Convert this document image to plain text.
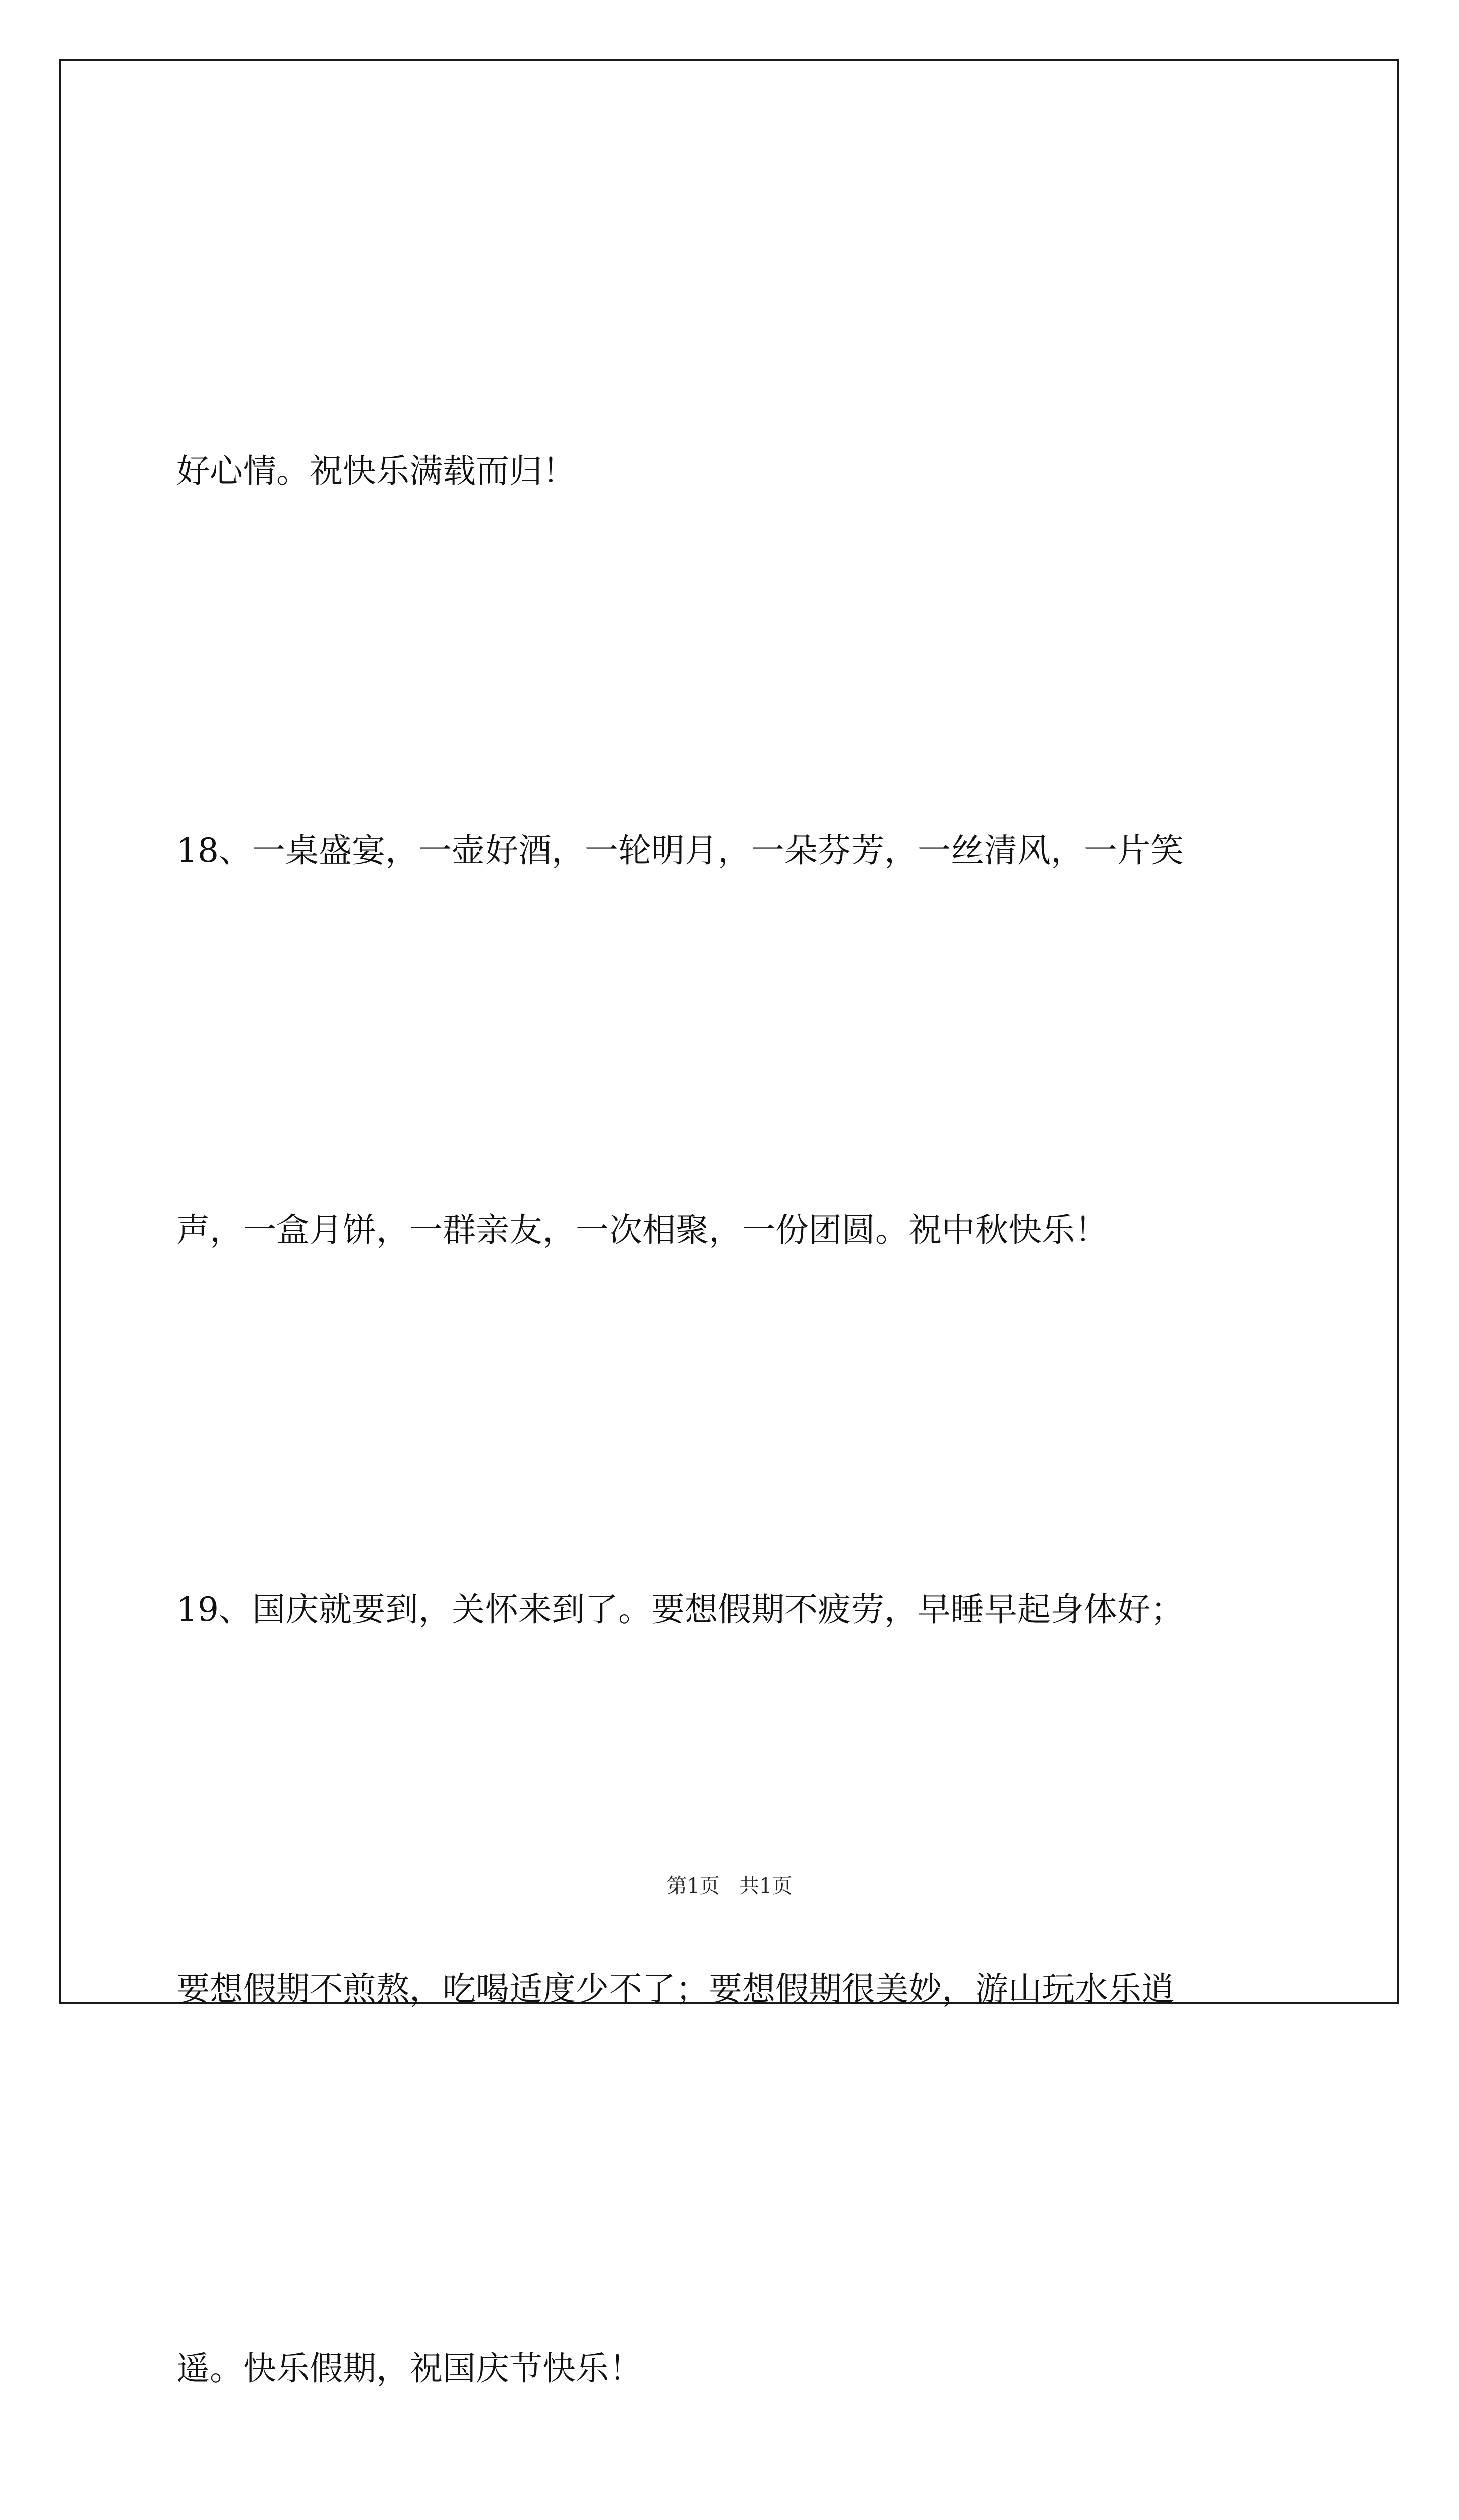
好心情。祝快乐满载而归！

18、一桌盛宴，一壶好酒，一轮明月，一朵芬芳，一丝清风，一片笑

声，一盒月饼，一群亲友，一次相聚，一份团圆。祝中秋快乐！

19、国庆就要到，关怀来到了。要想假期不疲劳，早睡早起身体好；

要想假期不煎熬，吃喝适度少不了；要想假期很美妙，游山玩水乐逍

遥。快乐假期，祝国庆节快乐！

第1页   共1页
